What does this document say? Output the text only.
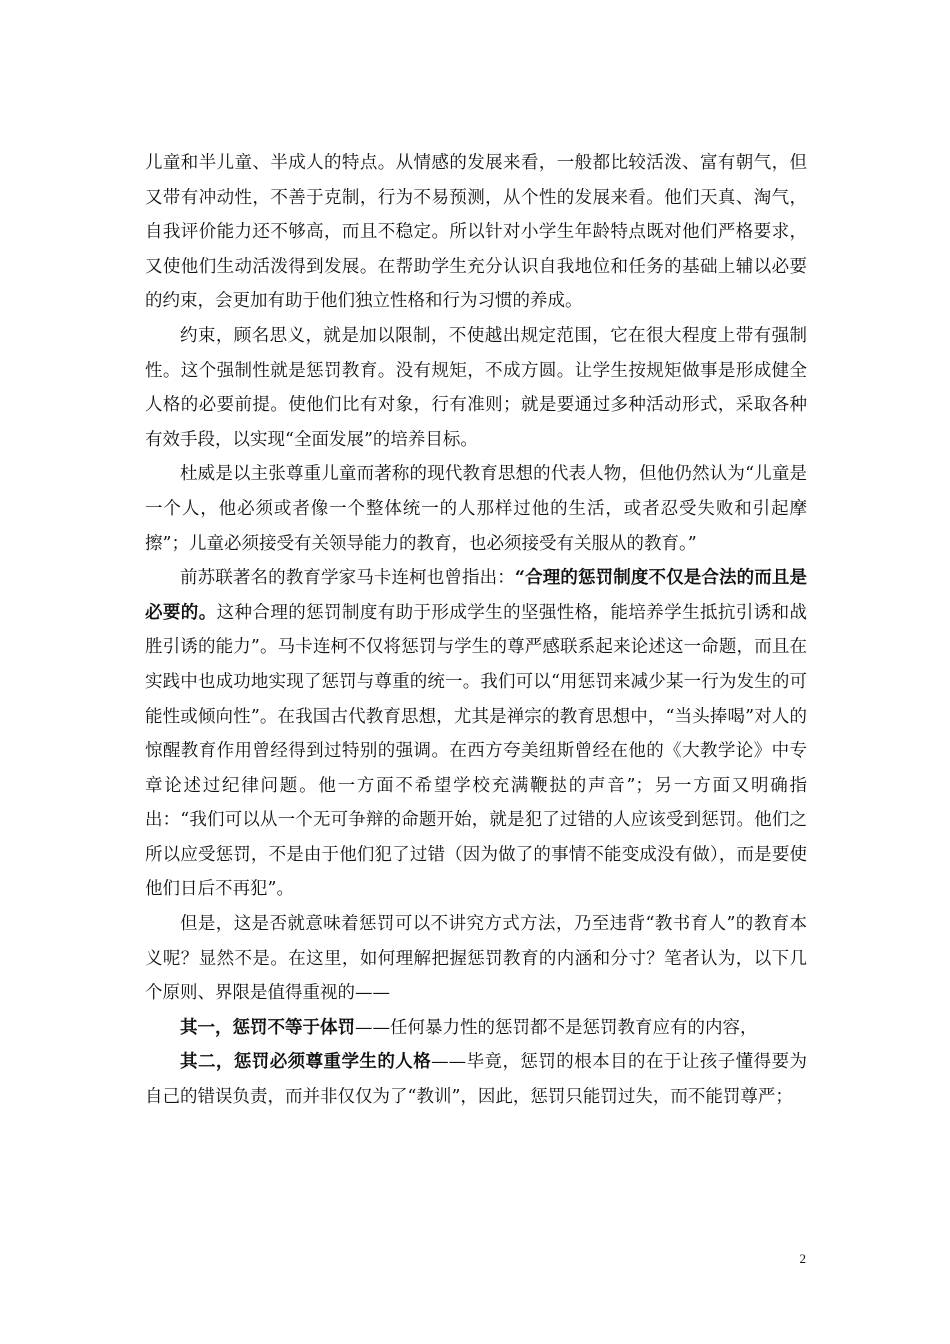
儿童和半儿童、半成人的特点。从情感的发展来看，一般都比较活泼、富有朝气，但又带有冲动性，不善于克制，行为不易预测，从个性的发展来看。他们天真、淘气，自我评价能力还不够高，而且不稳定。所以针对小学生年龄特点既对他们严格要求，又使他们生动活泼得到发展。在帮助学生充分认识自我地位和任务的基础上辅以必要的约束，会更加有助于他们独立性格和行为习惯的养成。

约束，顾名思义，就是加以限制，不使越出规定范围，它在很大程度上带有强制性。这个强制性就是惩罚教育。没有规矩，不成方圆。让学生按规矩做事是形成健全人格的必要前提。使他们比有对象，行有准则；就是要通过多种活动形式，采取各种有效手段，以实现“全面发展”的培养目标。

杜威是以主张尊重儿童而著称的现代教育思想的代表人物，但他仍然认为“儿童是一个人，他必须或者像一个整体统一的人那样过他的生活，或者忍受失败和引起摩擦”；儿童必须接受有关领导能力的教育，也必须接受有关服从的教育。”

前苏联著名的教育学家马卡连柯也曾指出：“合理的惩罚制度不仅是合法的而且是必要的。这种合理的惩罚制度有助于形成学生的坚强性格，能培养学生抵抗引诱和战胜引诱的能力”。马卡连柯不仅将惩罚与学生的尊严感联系起来论述这一命题，而且在实践中也成功地实现了惩罚与尊重的统一。我们可以“用惩罚来减少某一行为发生的可能性或倾向性”。在我国古代教育思想，尤其是禅宗的教育思想中，“当头捧喝”对人的惊醒教育作用曾经得到过特别的强调。在西方夸美纽斯曾经在他的《大教学论》中专章论述过纪律问题。他一方面不希望学校充满鞭挞的声音”；另一方面又明确指出：“我们可以从一个无可争辩的命题开始，就是犯了过错的人应该受到惩罚。他们之所以应受惩罚，不是由于他们犯了过错（因为做了的事情不能变成没有做），而是要使他们日后不再犯”。

但是，这是否就意味着惩罚可以不讲究方式方法，乃至违背“教书育人”的教育本义呢？显然不是。在这里，如何理解把握惩罚教育的内涵和分寸？笔者认为，以下几个原则、界限是值得重视的——

其一，惩罚不等于体罚——任何暴力性的惩罚都不是惩罚教育应有的内容，

其二，惩罚必须尊重学生的人格——毕竟，惩罚的根本目的在于让孩子懂得要为自己的错误负责，而并非仅仅为了“教训”，因此，惩罚只能罚过失，而不能罚尊严；

2
